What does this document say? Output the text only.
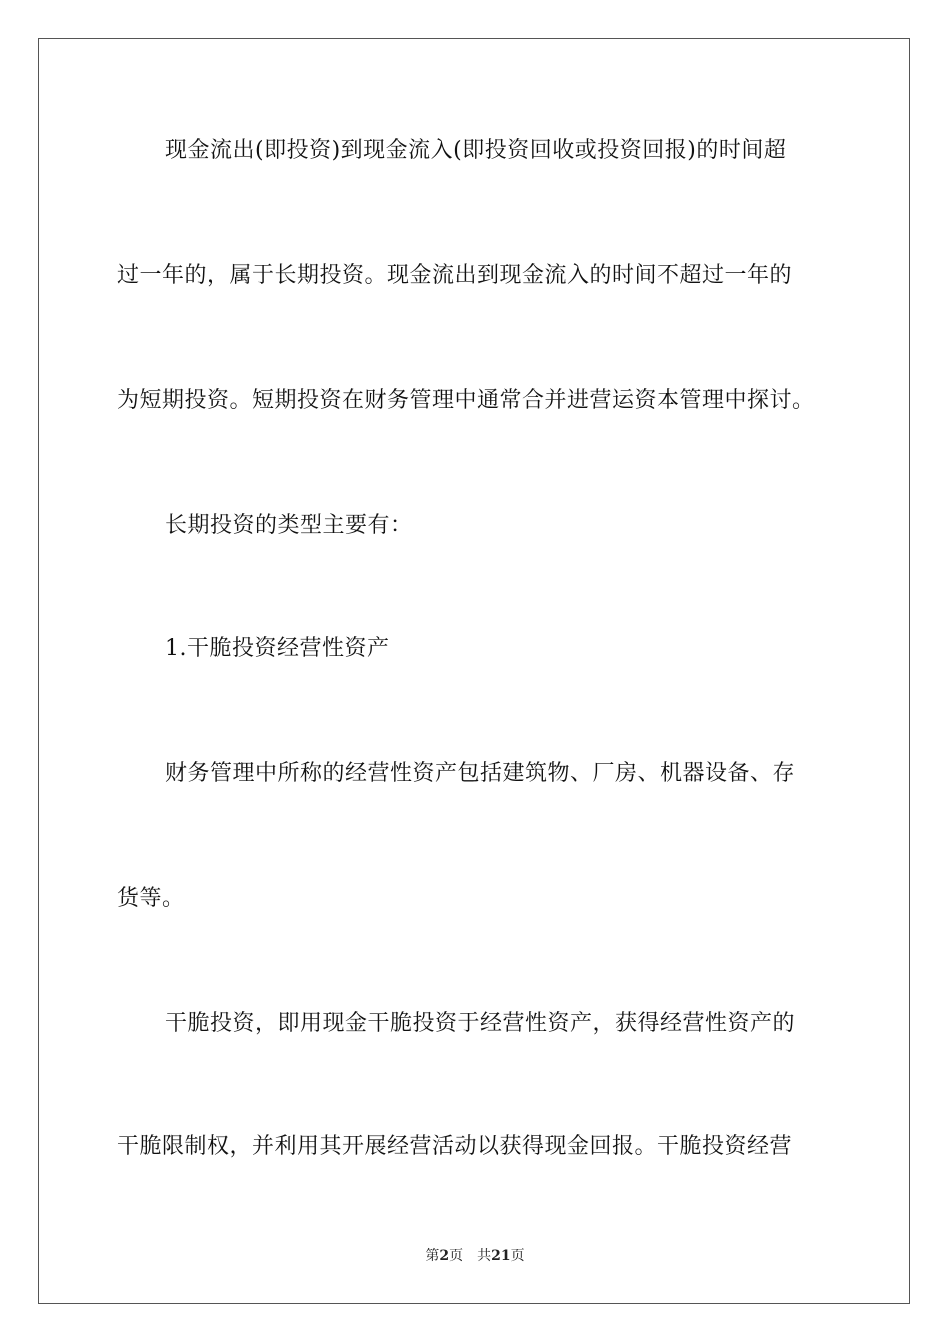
现金流出(即投资)到现金流入(即投资回收或投资回报)的时间超
过一年的，属于长期投资。现金流出到现金流入的时间不超过一年的
为短期投资。短期投资在财务管理中通常合并进营运资本管理中探讨。
长期投资的类型主要有：
1.干脆投资经营性资产
财务管理中所称的经营性资产包括建筑物、厂房、机器设备、存
货等。
干脆投资，即用现金干脆投资于经营性资产，获得经营性资产的
干脆限制权，并利用其开展经营活动以获得现金回报。干脆投资经营
第2页 共21页
